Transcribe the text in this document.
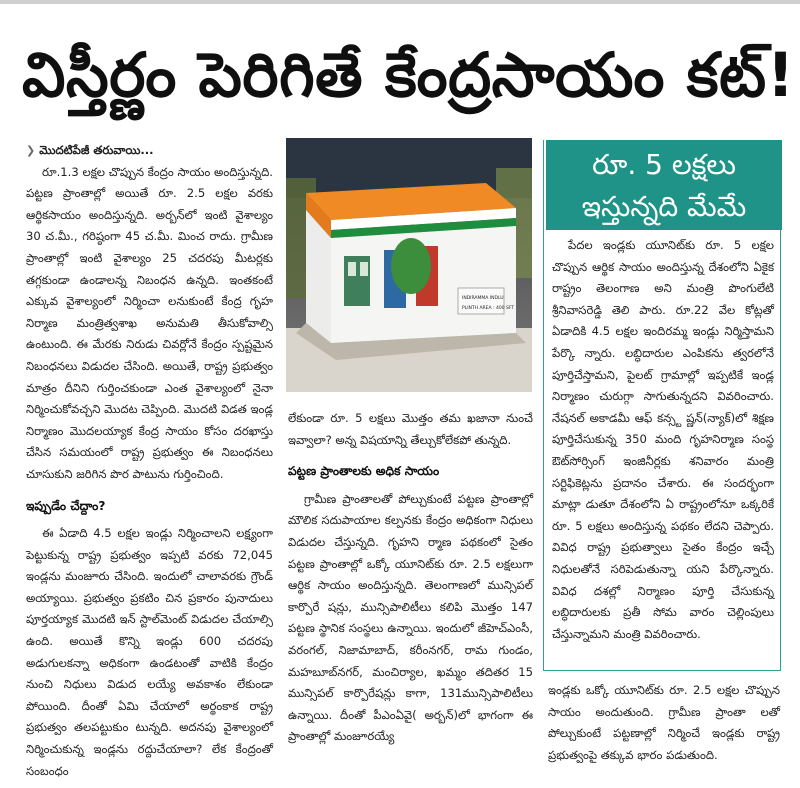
విస్తీర్ణం పెరిగితే కేంద్రసాయం కట్!
❯ మొదటిపేజీ తరువాయి...

రూ.1.3 లక్షల చొప్పున కేంద్రం సాయం అందిస్తున్నది. పట్టణ ప్రాంతాల్లో అయితే రూ. 2.5 లక్షల వరకు ఆర్థికసాయం అందిస్తున్నది. అర్బన్‌లో ఇంటి వైశాల్యం 30 చ.మీ., గరిష్ఠంగా 45 చ.మీ. మించ రాదు. గ్రామీణ ప్రాంతాల్లో ఇంటి వైశాల్యం 25 చదరపు మీటర్లకు తగ్గకుండా ఉండాలన్న నిబంధన ఉన్నది. ఇంతకంటే ఎక్కువ వైశాల్యంలో నిర్మించా లనుకుంటే కేంద్ర గృహ నిర్మాణ మంత్రిత్వశాఖ అనుమతి తీసుకోవాల్సి ఉంటుంది. ఈ మేరకు నిరుడు చివర్లోనే కేంద్రం స్పష్టమైన నిబంధనలు విడుదల చేసింది. అయితే, రాష్ట్ర ప్రభుత్వం మాత్రం దీనిని గుర్తించకుండా ఎంత వైశాల్యంలో నైనా నిర్మించుకోవచ్చని మొదట చెప్పింది. మొదటి విడత ఇండ్ల నిర్మాణం మొదలయ్యాక కేంద్ర సాయం కోసం దరఖాస్తు చేసిన సమయంలో రాష్ట్ర ప్రభుత్వం ఈ నిబంధనలు చూసుకుని జరిగిన పొర పాటును గుర్తించింది.

ఇప్పుడేం చేద్దాం?

ఈ ఏడాది 4.5 లక్షల ఇండ్లు నిర్మించాలని లక్ష్యంగా పెట్టుకున్న రాష్ట్ర ప్రభుత్వం ఇప్పటి వరకు 72,045 ఇండ్లను మంజూరు చేసింది. ఇందులో చాలావరకు గ్రౌండ్ అయ్యాయి. ప్రభుత్వం ప్రకటిం చిన ప్రకారం పునాదులు పూర్తయ్యాక మొదటి ఇన్ స్టాల్‌మెంట్ విడుదల చేయాల్సి ఉంది. అయితే కొన్ని ఇండ్లు 600 చదరపు అడుగులకన్నా అధికంగా ఉండటంతో వాటికి కేంద్రం నుంచి నిధులు విడుద లయ్యే అవకాశం లేకుండా పోయింది. దీంతో ఏమి చేయాలో అర్థంకాక రాష్ట్ర ప్రభుత్వం తలపట్టుకుం టున్నది. అదనపు వైశాల్యంలో నిర్మించుకున్న ఇండ్లను రద్దుచేయాలా? లేక కేంద్రంతో సంబంధం

INDIRAMMA INDLU
PLINTH AREA : 400 SFT

లేకుండా రూ. 5 లక్షలు మొత్తం తమ ఖజానా నుంచే ఇవ్వాలా? అన్న విషయాన్ని తేల్చుకోలేకపో తున్నది.

పట్టణ ప్రాంతాలకు అధిక సాయం

గ్రామీణ ప్రాంతాలతో పోల్చుకుంటే పట్టణ ప్రాంతాల్లో మౌలిక సదుపాయాల కల్పనకు కేంద్రం అధికంగా నిధులు విడుదల చేస్తున్నది. గృహని ర్మాణ పథకంలో సైతం పట్టణ ప్రాంతాల్లో ఒక్కో యూనిట్‌కు రూ. 2.5 లక్షలుగా ఆర్థిక సాయం అందిస్తున్నది. తెలంగాణలో మున్సిపల్ కార్పొరే షన్లు, మున్సిపాలిటీలు కలిపి మొత్తం 147 పట్టణ స్థానిక సంస్థలు ఉన్నాయి. ఇందులో జీహెచ్ఎంసీ, వరంగల్, నిజామాబాద్, కరీంనగర్, రామ గుండం, మహబూబ్‌నగర్, మంచిర్యాల, ఖమ్మం తదితర 15 మున్సిపల్ కార్పొరేషన్లు కాగా, 131మున్సిపాలిటీలు ఉన్నాయి. దీంతో పీఎంఏవై( అర్బన్)లో భాగంగా ఈ ప్రాంతాల్లో మంజూరయ్యే

రూ. 5 లక్షలు
ఇస్తున్నది మేమే

పేదల ఇండ్లకు యూనిట్‌కు రూ. 5 లక్షల చొప్పున ఆర్థిక సాయం అందిస్తున్న దేశంలోని ఏకైక రాష్ట్రం తెలంగాణ అని మంత్రి పొంగులేటి శ్రీనివాసరెడ్డి తెలి పారు. రూ.22 వేల కోట్లతో ఏడాదికి 4.5 లక్షల ఇందిరమ్మ ఇండ్లు నిర్మిస్తామని పేర్కొ న్నారు. లబ్ధిదారుల ఎంపికను త్వరలోనే పూర్తిచేస్తామని, పైలట్ గ్రామాల్లో ఇప్పటికే ఇండ్ల నిర్మాణం చురుగ్గా సాగుతున్నదని వివరించారు. నేషనల్ అకాడమీ ఆఫ్ కన్స్ట ష్ణన్(న్యాక్)లో శిక్షణ పూర్తిచేసుకున్న 350 మంది గృహనిర్మాణ సంస్థ ఔట్‌సోర్సింగ్ ఇంజినీర్లకు శనివారం మంత్రి సర్టిఫికెట్లను ప్రదానం చేశారు. ఈ సందర్భంగా మాట్లా డుతూ దేశంలోని ఏ రాష్ట్రంలోనూ ఒక్కరికే రూ. 5 లక్షలు అందిస్తున్న పథకం లేదని చెప్పారు. వివిధ రాష్ట్ర ప్రభుత్వాలు సైతం కేంద్రం ఇచ్చే నిధులతోనే సరిపెడుతున్నా యని పేర్కొన్నారు. వివిధ దశల్లో నిర్మాణం పూర్తి చేసుకున్న లబ్ధిదారులకు ప్రతీ సోమ వారం చెల్లింపులు చేస్తున్నామని మంత్రి వివరించారు.

ఇండ్లకు ఒక్కో యూనిట్‌కు రూ. 2.5 లక్షల చొప్పున సాయం అందుతుంది. గ్రామీణ ప్రాంతా లతో పోల్చుకుంటే పట్టణాల్లో నిర్మించే ఇండ్లకు రాష్ట్ర ప్రభుత్వంపై తక్కువ భారం పడుతుంది.
